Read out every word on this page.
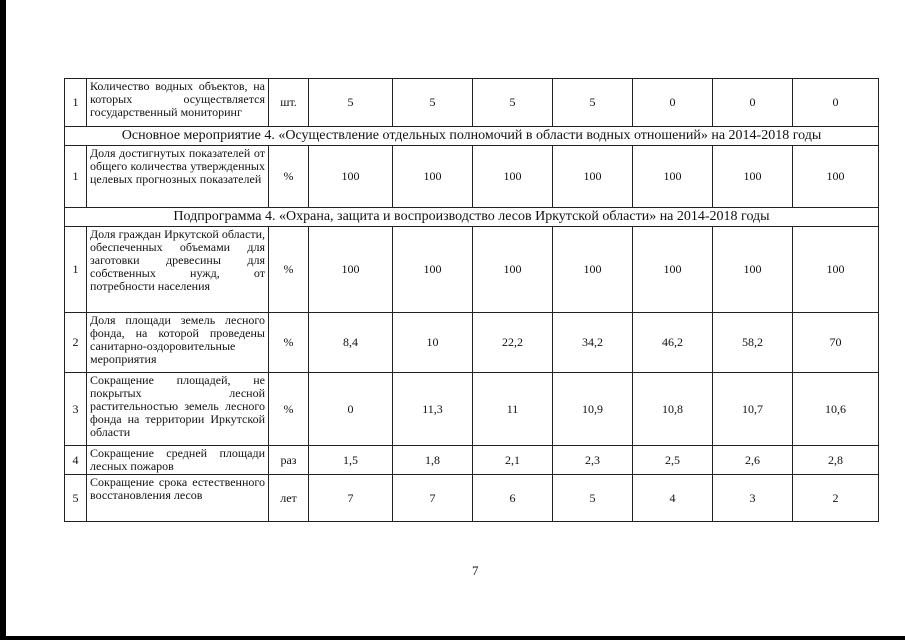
1	Количество водных объектов, на которых осуществляется государственный мониторинг	шт.	5	5	5	5	0	0	0
Основное мероприятие 4. «Осуществление отдельных полномочий в области водных отношений» на 2014-2018 годы									
1	Доля достигнутых показателей от общего количества утвержденных целевых прогнозных показателей	%	100	100	100	100	100	100	100
Подпрограмма 4. «Охрана, защита и воспроизводство лесов Иркутской области» на 2014-2018 годы									
1	Доля граждан Иркутской области, обеспеченных объемами для заготовки древесины для собственных нужд, от потребности населения	%	100	100	100	100	100	100	100
2	Доля площади земель лесного фонда, на которой проведены санитарно-оздоровительные мероприятия	%	8,4	10	22,2	34,2	46,2	58,2	70
3	Сокращение площадей, не покрытых лесной растительностью земель лесного фонда на территории Иркутской области	%	0	11,3	11	10,9	10,8	10,7	10,6
4	Сокращение средней площади лесных пожаров	раз	1,5	1,8	2,1	2,3	2,5	2,6	2,8
5	Сокращение срока естественного восстановления лесов	лет	7	7	6	5	4	3	2
7
